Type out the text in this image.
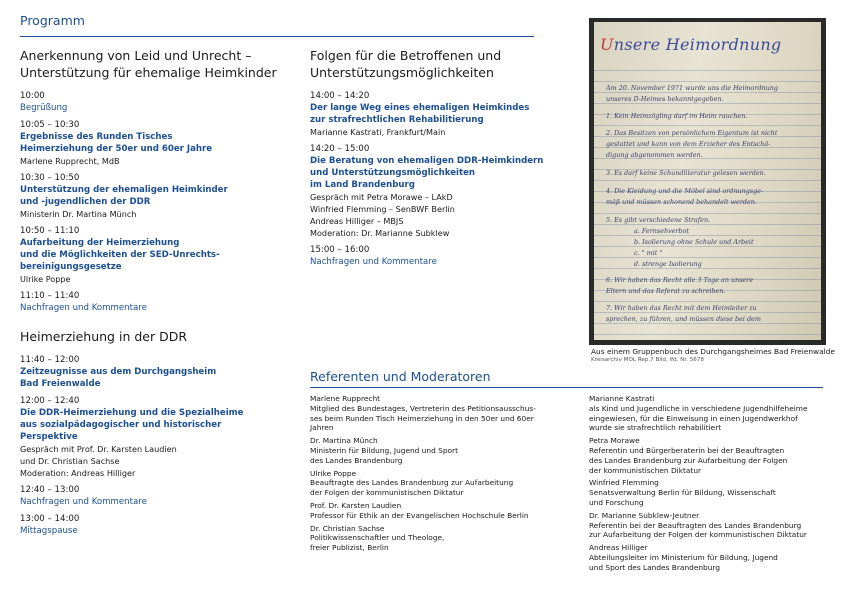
Programm
Anerkennung von Leid und Unrecht –
Unterstützung für ehemalige Heimkinder
10:00
Begrüßung
10:05 – 10:30
Ergebnisse des Runden Tisches
Heimerziehung der 50er und 60er Jahre
Marlene Rupprecht, MdB
10:30 – 10:50
Unterstützung der ehemaligen Heimkinder
und -jugendlichen der DDR
Ministerin Dr. Martina Münch
10:50 – 11:10
Aufarbeitung der Heimerziehung
und die Möglichkeiten der SED-Unrechts-
bereinigungsgesetze
Ulrike Poppe
11:10 – 11:40
Nachfragen und Kommentare
Heimerziehung in der DDR
11:40 – 12:00
Zeitzeugnisse aus dem Durchgangsheim
Bad Freienwalde
12:00 – 12:40
Die DDR-Heimerziehung und die Spezialheime
aus sozialpädagogischer und historischer
Perspektive
Gespräch mit Prof. Dr. Karsten Laudien
und Dr. Christian Sachse
Moderation: Andreas Hilliger
12:40 – 13:00
Nachfragen und Kommentare
13:00 – 14:00
Mittagspause
Folgen für die Betroffenen und
Unterstützungsmöglichkeiten
14:00 – 14:20
Der lange Weg eines ehemaligen Heimkindes
zur strafrechtlichen Rehabilitierung
Marianne Kastrati, Frankfurt/Main
14:20 – 15:00
Die Beratung von ehemaligen DDR-Heimkindern
und Unterstützungsmöglichkeiten
im Land Brandenburg
Gespräch mit Petra Morawe – LAkD
Winfried Flemming – SenBWF Berlin
Andreas Hilliger – MBJS
Moderation: Dr. Marianne Subklew
15:00 – 16:00
Nachfragen und Kommentare
Unsere Heimordnung
Am 20. November 1971 wurde uns die Heimordnung
unseres D-Heimes bekanntgegeben.
1. Kein Heimzögling darf im Heim rauchen.
2. Das Besitzen von persönlichem Eigentum ist nicht
gestattet und kann von dem Erzieher des Entschä-
digung abgenommen werden.
3. Es darf keine Schundliteratur gelesen werden.
4. Die Kleidung und die Möbel sind ordnungsge-
mäß und müssen schonend behandelt werden.
5. Es gibt verschiedene Strafen.
a. Fernsehverbot
b. Isolierung ohne Schule und Arbeit
c. " mit "
d. strenge Isolierung
6. Wir haben das Recht alle 3 Tage an unsere
Eltern und das Referat zu schreiben.
7. Wir haben das Recht mit dem Heimleiter zu
sprechen, zu führen, und müssen diese bei dem
Aus einem Gruppenbuch des Durchgangsheimes Bad Freienwalde
Kreisarchiv MOL Rep.7 Bild, lfd. Nr. 5678
Referenten und Moderatoren
Marlene Rupprecht
Mitglied des Bundestages, Vertreterin des Petitionsausschus-
ses beim Runden Tisch Heimerziehung in den 50er und 60er
Jahren
Dr. Martina Münch
Ministerin für Bildung, Jugend und Sport
des Landes Brandenburg
Ulrike Poppe
Beauftragte des Landes Brandenburg zur Aufarbeitung
der Folgen der kommunistischen Diktatur
Prof. Dr. Karsten Laudien
Professor für Ethik an der Evangelischen Hochschule Berlin
Dr. Christian Sachse
Politikwissenschaftler und Theologe,
freier Publizist, Berlin
Marianne Kastrati
als Kind und Jugendliche in verschiedene Jugendhilfeheime
eingewiesen, für die Einweisung in einen Jugendwerkhof
wurde sie strafrechtlich rehabilitiert
Petra Morawe
Referentin und Bürgerberaterin bei der Beauftragten
des Landes Brandenburg zur Aufarbeitung der Folgen
der kommunistischen Diktatur
Winfried Flemming
Senatsverwaltung Berlin für Bildung, Wissenschaft
und Forschung
Dr. Marianne Subklew-Jeutner
Referentin bei der Beauftragten des Landes Brandenburg
zur Aufarbeitung der Folgen der kommunistischen Diktatur
Andreas Hilliger
Abteilungsleiter im Ministerium für Bildung, Jugend
und Sport des Landes Brandenburg
